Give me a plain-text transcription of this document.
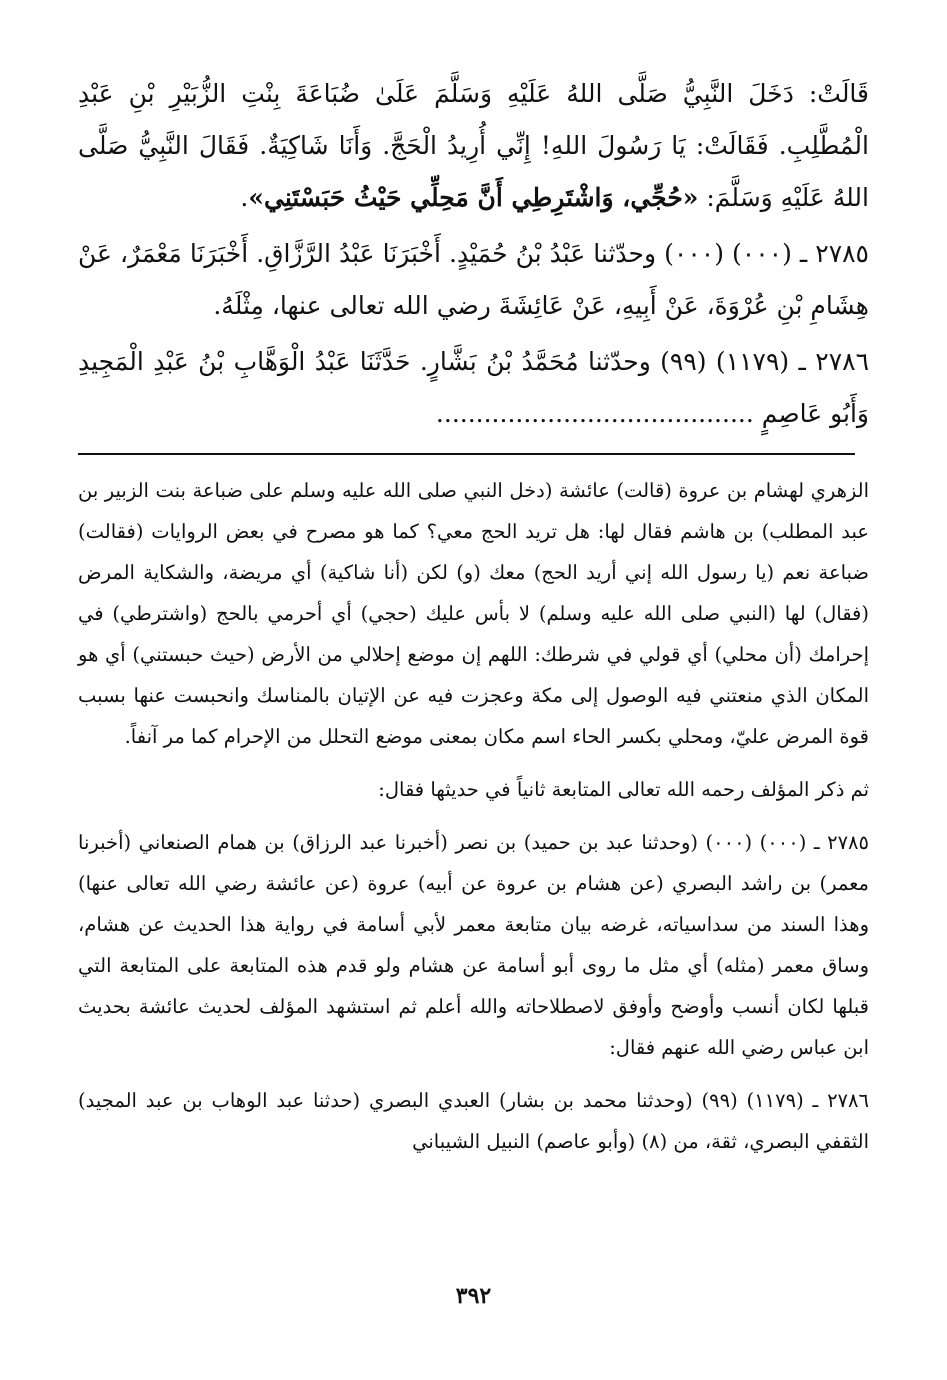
قَالَتْ: دَخَلَ النَّبِيُّ صَلَّى اللهُ عَلَيْهِ وَسَلَّمَ عَلَىٰ ضُبَاعَةَ بِنْتِ الزُّبَيْرِ بْنِ عَبْدِ الْمُطَّلِبِ. فَقَالَتْ: يَا رَسُولَ اللهِ! إِنِّي أُرِيدُ الْحَجَّ. وَأَنَا شَاكِيَةٌ. فَقَالَ النَّبِيُّ صَلَّى اللهُ عَلَيْهِ وَسَلَّمَ: «حُجِّي، وَاشْتَرِطِي أَنَّ مَحِلِّي حَيْثُ حَبَسْتَنِي».

٢٧٨٥ ـ (٠٠٠) (٠٠٠) وحدّثنا عَبْدُ بْنُ حُمَيْدٍ. أَخْبَرَنَا عَبْدُ الرَّزَّاقِ. أَخْبَرَنَا مَعْمَرٌ، عَنْ هِشَامِ بْنِ عُرْوَةَ، عَنْ أَبِيهِ، عَنْ عَائِشَةَ رضي الله تعالى عنها، مِثْلَهُ.

٢٧٨٦ ـ (١١٧٩) (٩٩) وحدّثنا مُحَمَّدُ بْنُ بَشَّارٍ. حَدَّثَنَا عَبْدُ الْوَهَّابِ بْنُ عَبْدِ الْمَجِيدِ وَأَبُو عَاصِمٍ ........................................

الزهري لهشام بن عروة (قالت) عائشة (دخل النبي صلى الله عليه وسلم على ضباعة بنت الزبير بن عبد المطلب) بن هاشم فقال لها: هل تريد الحج معي؟ كما هو مصرح في بعض الروايات (فقالت) ضباعة نعم (يا رسول الله إني أريد الحج) معك (و) لكن (أنا شاكية) أي مريضة، والشكاية المرض (فقال) لها (النبي صلى الله عليه وسلم) لا بأس عليك (حجي) أي أحرمي بالحج (واشترطي) في إحرامك (أن محلي) أي قولي في شرطك: اللهم إن موضع إحلالي من الأرض (حيث حبستني) أي هو المكان الذي منعتني فيه الوصول إلى مكة وعجزت فيه عن الإتيان بالمناسك وانحبست عنها بسبب قوة المرض عليّ، ومحلي بكسر الحاء اسم مكان بمعنى موضع التحلل من الإحرام كما مر آنفاً.

ثم ذكر المؤلف رحمه الله تعالى المتابعة ثانياً في حديثها فقال:

٢٧٨٥ ـ (٠٠٠) (٠٠٠) (وحدثنا عبد بن حميد) بن نصر (أخبرنا عبد الرزاق) بن همام الصنعاني (أخبرنا معمر) بن راشد البصري (عن هشام بن عروة عن أبيه) عروة (عن عائشة رضي الله تعالى عنها) وهذا السند من سداسياته، غرضه بيان متابعة معمر لأبي أسامة في رواية هذا الحديث عن هشام، وساق معمر (مثله) أي مثل ما روى أبو أسامة عن هشام ولو قدم هذه المتابعة على المتابعة التي قبلها لكان أنسب وأوضح وأوفق لاصطلاحاته والله أعلم ثم استشهد المؤلف لحديث عائشة بحديث ابن عباس رضي الله عنهم فقال:

٢٧٨٦ ـ (١١٧٩) (٩٩) (وحدثنا محمد بن بشار) العبدي البصري (حدثنا عبد الوهاب بن عبد المجيد) الثقفي البصري، ثقة، من (٨) (وأبو عاصم) النبيل الشيباني

٣٩٢
